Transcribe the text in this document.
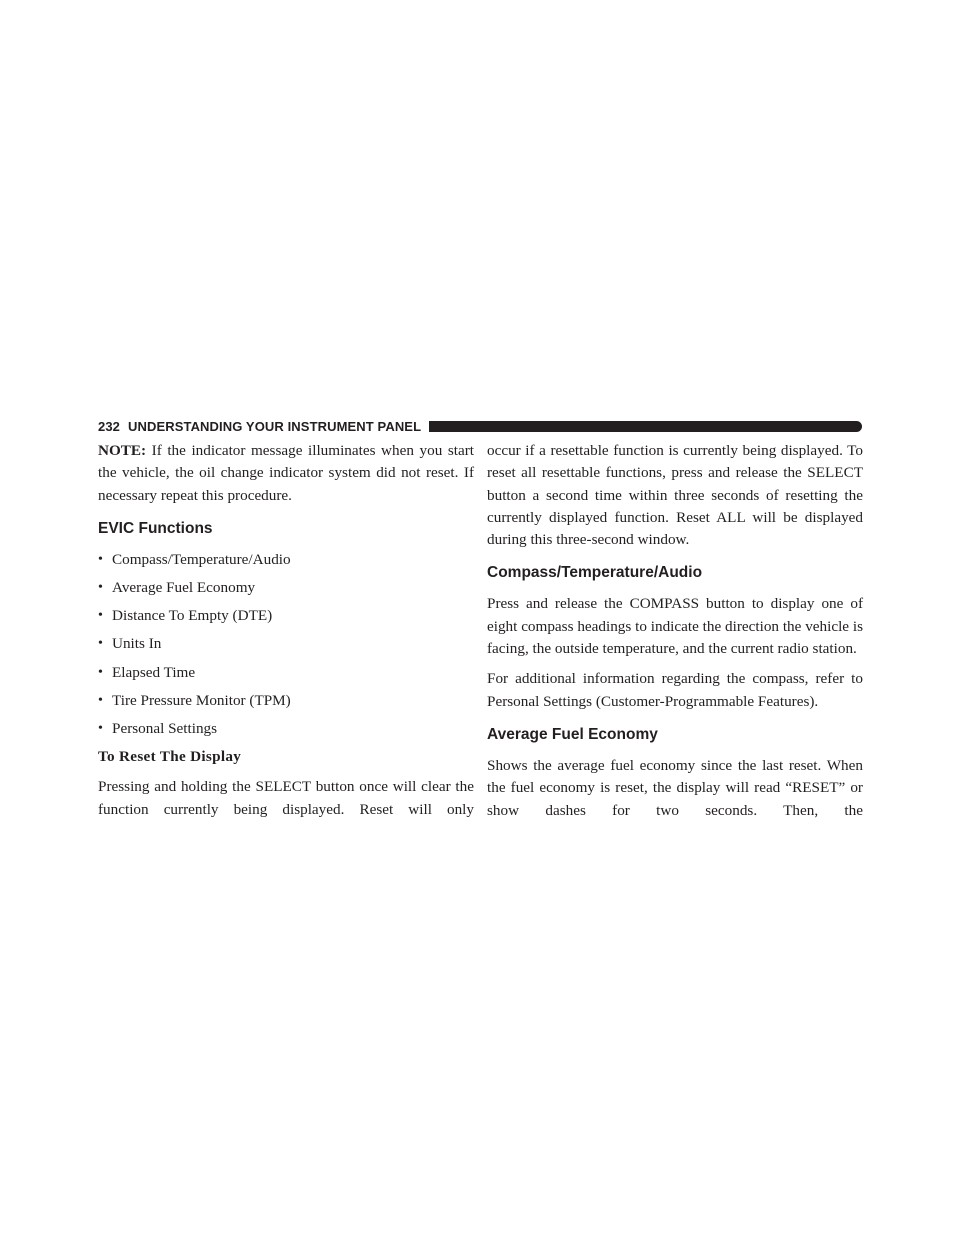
232 UNDERSTANDING YOUR INSTRUMENT PANEL

NOTE: If the indicator message illuminates when you start the vehicle, the oil change indicator system did not reset. If necessary repeat this procedure.

EVIC Functions
• Compass/Temperature/Audio
• Average Fuel Economy
• Distance To Empty (DTE)
• Units In
• Elapsed Time
• Tire Pressure Monitor (TPM)
• Personal Settings
To Reset The Display

Pressing and holding the SELECT button once will clear the function currently being displayed. Reset will only

occur if a resettable function is currently being displayed. To reset all resettable functions, press and release the SELECT button a second time within three seconds of resetting the currently displayed function. Reset ALL will be displayed during this three-second window.

Compass/Temperature/Audio

Press and release the COMPASS button to display one of eight compass headings to indicate the direction the vehicle is facing, the outside temperature, and the current radio station.

For additional information regarding the compass, refer to Personal Settings (Customer-Programmable Features).

Average Fuel Economy

Shows the average fuel economy since the last reset. When the fuel economy is reset, the display will read “RESET” or show dashes for two seconds. Then, the
